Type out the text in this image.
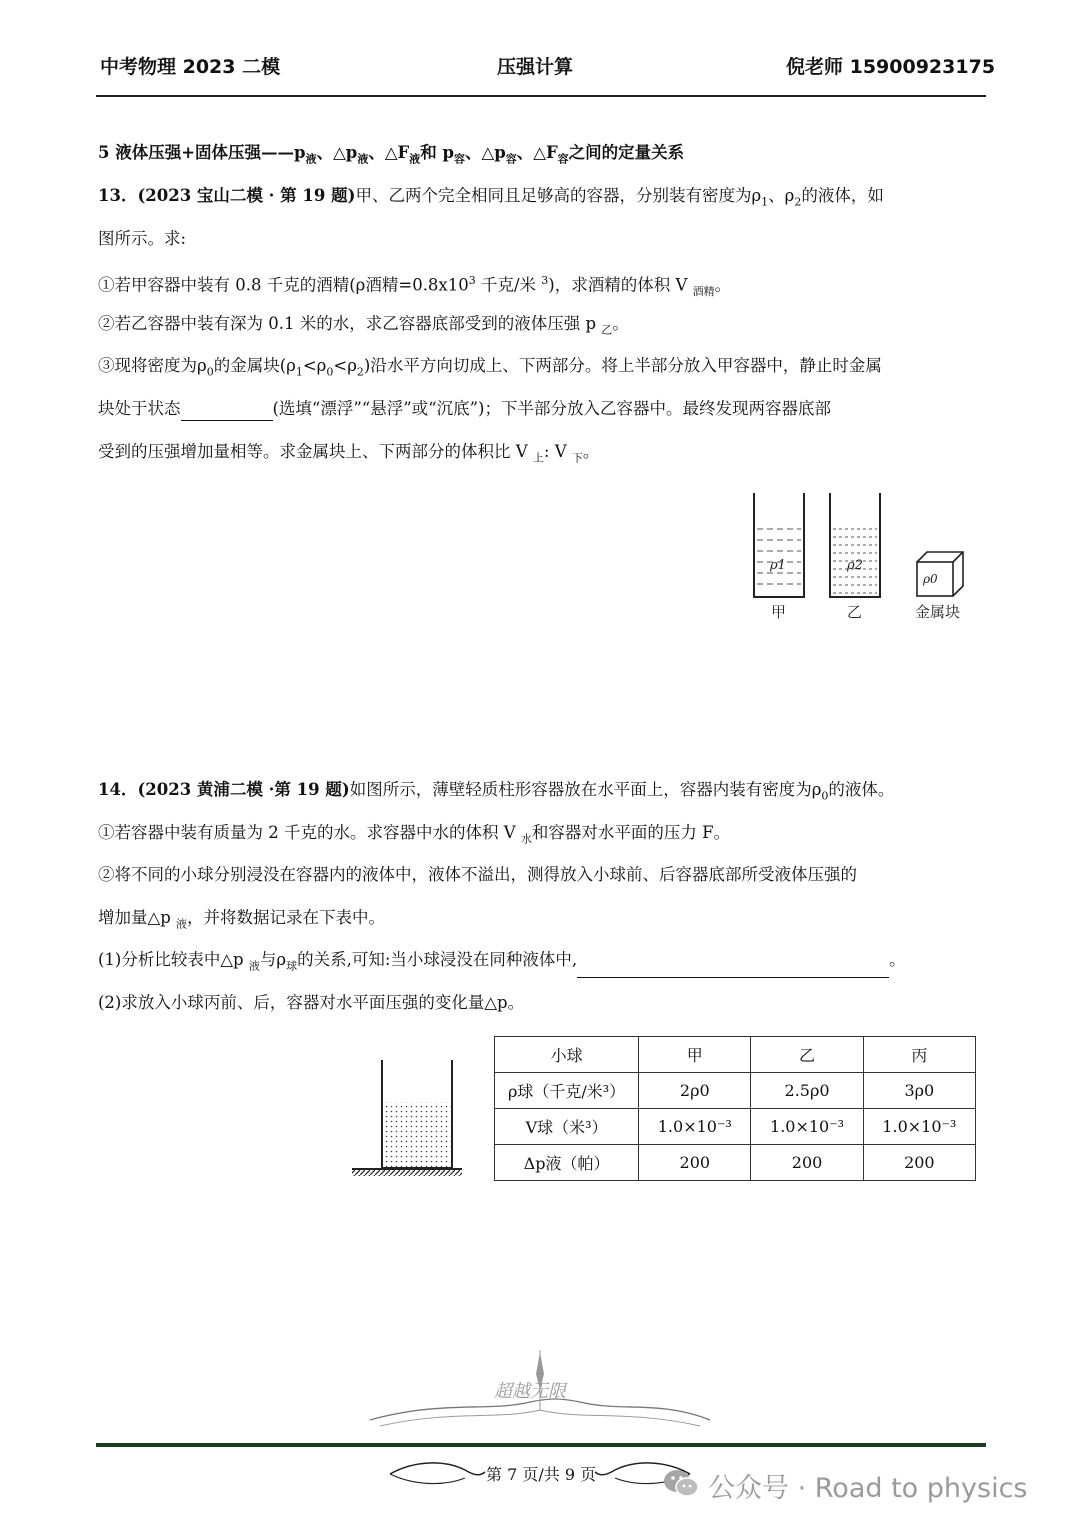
中考物理 2023 二模	压强计算	倪老师 15900923175
5 液体压强+固体压强$——p_液$、$\triangle p_液$、$\triangle F_液$和 $p_容$、$\triangle p_容$、$\triangle F_容$之间的定量关系
13．(2023 宝山二模 · 第 19 题)甲、乙两个完全相同且足够高的容器，分别装有密度为$\rho_1$、$\rho_2$的液体，如
图所示。求:
①若甲容器中装有 0.8 千克的酒精(ρ酒精$=0.8x10^3$ 千克/米 $^3$)，求酒精的体积 V $_{酒精}$。
②若乙容器中装有深为 0.1 米的水，求乙容器底部受到的液体压强 p $_乙$。
③现将密度为$\rho_0$的金属块$(\rho_1<\rho_0<\rho_2)$沿水平方向切成上、下两部分。将上半部分放入甲容器中，静止时金属
块处于状态	(选填“漂浮”“悬浮”或“沉底”)；下半部分放入乙容器中。最终发现两容器底部
受到的压强增加量相等。求金属块上、下两部分的体积比 V $_上$: V $_下$。
ρ1	ρ2
ρ0
甲	乙	金属块
14．(2023 黄浦二模 ·第 19 题)如图所示，薄壁轻质柱形容器放在水平面上，容器内装有密度为$\rho_0$的液体。
①若容器中装有质量为 2 千克的水。求容器中水的体积 V $_水$和容器对水平面的压力 F。
②将不同的小球分别浸没在容器内的液体中，液体不溢出，测得放入小球前、后容器底部所受液体压强的
增加量△p $_液$，并将数据记录在下表中。
(1)分析比较表中△p $_液$与$\rho_球$的关系,可知:当小球浸没在同种液体中,	。
(2)求放入小球丙前、后，容器对水平面压强的变化量△p。
小球	甲	乙	丙
ρ球（千克/米³）	2ρ0	2.5ρ0	3ρ0
V球（米³）	1.0×10⁻³	1.0×10⁻³	1.0×10⁻³
Δp液（帕）	200	200	200
超越无限
第 7 页/共 9 页	公众号 · Road to physics
